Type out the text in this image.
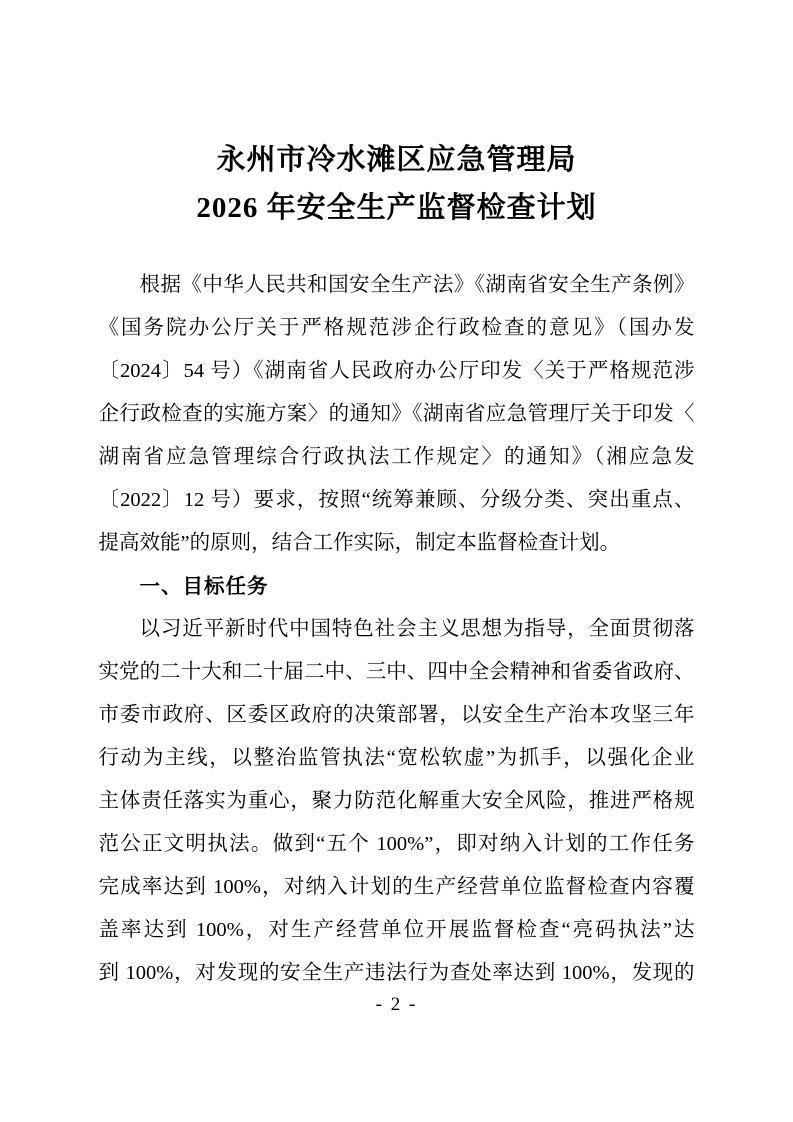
永州市冷水滩区应急管理局
2026 年安全生产监督检查计划
根据《中华人民共和国安全生产法》《湖南省安全生产条例》
《国务院办公厅关于严格规范涉企行政检查的意见》（国办发
〔2024〕54 号）《湖南省人民政府办公厅印发〈关于严格规范涉
企行政检查的实施方案〉的通知》《湖南省应急管理厅关于印发〈
湖南省应急管理综合行政执法工作规定〉的通知》（湘应急发
〔2022〕12 号）要求，按照“统筹兼顾、分级分类、突出重点、
提高效能”的原则，结合工作实际，制定本监督检查计划。
一、目标任务
以习近平新时代中国特色社会主义思想为指导，全面贯彻落
实党的二十大和二十届二中、三中、四中全会精神和省委省政府、
市委市政府、区委区政府的决策部署，以安全生产治本攻坚三年
行动为主线，以整治监管执法“宽松软虚”为抓手，以强化企业
主体责任落实为重心，聚力防范化解重大安全风险，推进严格规
范公正文明执法。做到“五个 100%”，即对纳入计划的工作任务
完成率达到 100%，对纳入计划的生产经营单位监督检查内容覆
盖率达到 100%，对生产经营单位开展监督检查“亮码执法”达
到 100%，对发现的安全生产违法行为查处率达到 100%，发现的
- 2 -
